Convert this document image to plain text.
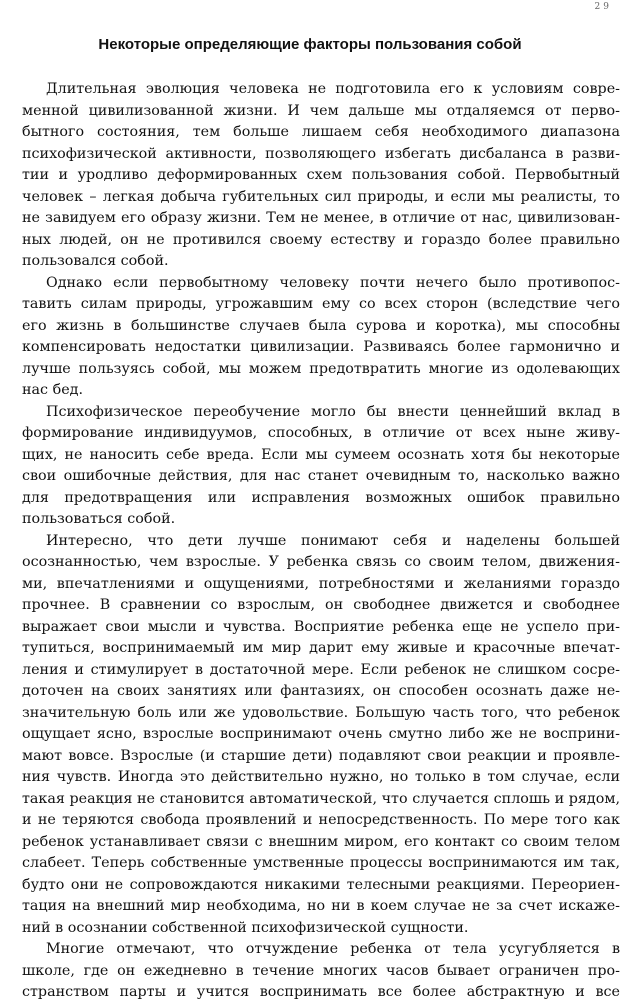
29
Некоторые определяющие факторы пользования собой
Длительная эволюция человека не подготовила его к условиям совре-
менной цивилизованной жизни. И чем дальше мы отдаляемся от перво-
бытного состояния, тем больше лишаем себя необходимого диапазона
психофизической активности, позволяющего избегать дисбаланса в разви-
тии и уродливо деформированных схем пользования собой. Первобытный
человек – легкая добыча губительных сил природы, и если мы реалисты, то
не завидуем его образу жизни. Тем не менее, в отличие от нас, цивилизован-
ных людей, он не противился своему естеству и гораздо более правильно
пользовался собой.
Однако если первобытному человеку почти нечего было противопос-
тавить силам природы, угрожавшим ему со всех сторон (вследствие чего
его жизнь в большинстве случаев была сурова и коротка), мы способны
компенсировать недостатки цивилизации. Развиваясь более гармонично и
лучше пользуясь собой, мы можем предотвратить многие из одолевающих
нас бед.
Психофизическое переобучение могло бы внести ценнейший вклад в
формирование индивидуумов, способных, в отличие от всех ныне живу-
щих, не наносить себе вреда. Если мы сумеем осознать хотя бы некоторые
свои ошибочные действия, для нас станет очевидным то, насколько важно
для предотвращения или исправления возможных ошибок правильно
пользоваться собой.
Интересно, что дети лучше понимают себя и наделены большей
осознанностью, чем взрослые. У ребенка связь со своим телом, движения-
ми, впечатлениями и ощущениями, потребностями и желаниями гораздо
прочнее. В сравнении со взрослым, он свободнее движется и свободнее
выражает свои мысли и чувства. Восприятие ребенка еще не успело при-
тупиться, воспринимаемый им мир дарит ему живые и красочные впечат-
ления и стимулирует в достаточной мере. Если ребенок не слишком сосре-
доточен на своих занятиях или фантазиях, он способен осознать даже не-
значительную боль или же удовольствие. Большую часть того, что ребенок
ощущает ясно, взрослые воспринимают очень смутно либо же не восприни-
мают вовсе. Взрослые (и старшие дети) подавляют свои реакции и проявле-
ния чувств. Иногда это действительно нужно, но только в том случае, если
такая реакция не становится автоматической, что случается сплошь и рядом,
и не теряются свобода проявлений и непосредственность. По мере того как
ребенок устанавливает связи с внешним миром, его контакт со своим телом
слабеет. Теперь собственные умственные процессы воспринимаются им так,
будто они не сопровождаются никакими телесными реакциями. Переориен-
тация на внешний мир необходима, но ни в коем случае не за счет искаже-
ний в осознании собственной психофизической сущности.
Многие отмечают, что отчуждение ребенка от тела усугубляется в
школе, где он ежедневно в течение многих часов бывает ограничен про-
странством парты и учится воспринимать все более абстрактную и все
